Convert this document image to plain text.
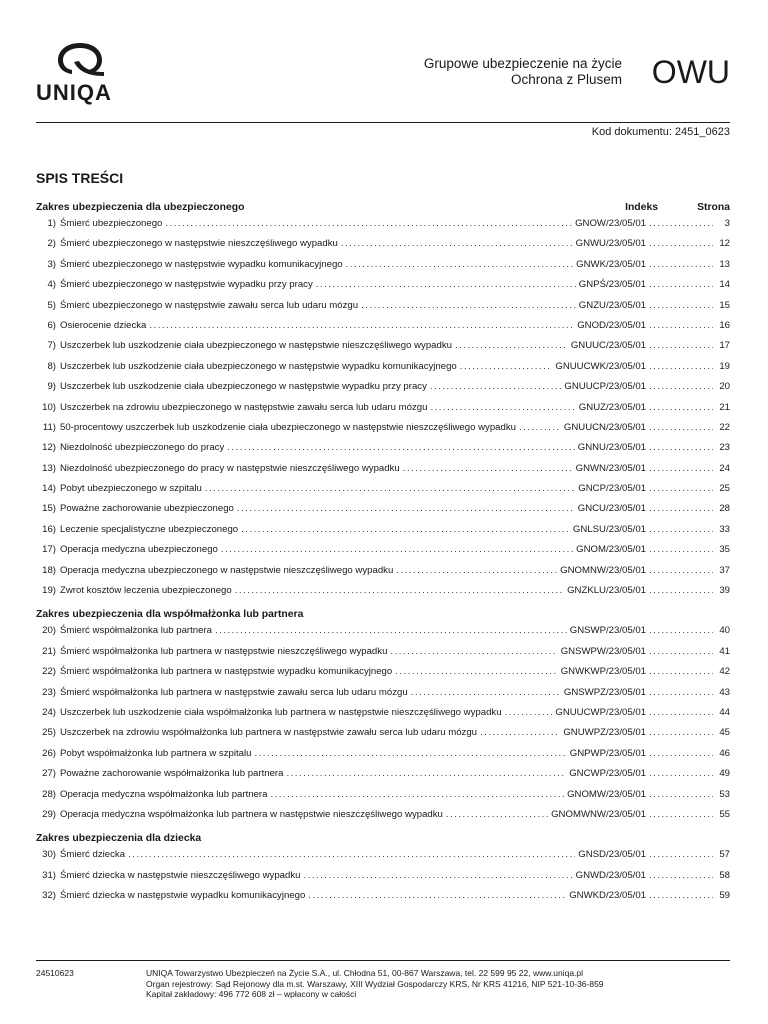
UNIQA
Grupowe ubezpieczenie na życie
Ochrona z Plusem OWU
Kod dokumentu: 2451_0623
SPIS TREŚCI
Zakres ubezpieczenia dla ubezpieczonego	Indeks	Strona
1) Śmierć ubezpieczonego .....	GNOW/23/05/01 .....	3
2) Śmierć ubezpieczonego w następstwie nieszczęśliwego wypadku .....	GNWU/23/05/01 .....	12
3) Śmierć ubezpieczonego w następstwie wypadku komunikacyjnego .....	GNWK/23/05/01 .....	13
4) Śmierć ubezpieczonego w następstwie wypadku przy pracy .....	GNPŚ/23/05/01 .....	14
5) Śmierć ubezpieczonego w następstwie zawału serca lub udaru mózgu .....	GNZU/23/05/01 .....	15
6) Osierocenie dziecka .....	GNOD/23/05/01 .....	16
7) Uszczerbek lub uszkodzenie ciała ubezpieczonego w następstwie nieszczęśliwego wypadku .....	GNUUC/23/05/01 .....	17
8) Uszczerbek lub uszkodzenie ciała ubezpieczonego w następstwie wypadku komunikacyjnego .....	GNUUCWK/23/05/01 .....	19
9) Uszczerbek lub uszkodzenie ciała ubezpieczonego w następstwie wypadku przy pracy .....	GNUUCP/23/05/01 .....	20
10) Uszczerbek na zdrowiu ubezpieczonego w następstwie zawału serca lub udaru mózgu .....	GNUZ/23/05/01 .....	21
11) 50-procentowy uszczerbek lub uszkodzenie ciała ubezpieczonego w następstwie nieszczęśliwego wypadku .....	GNUUCN/23/05/01 .....	22
12) Niezdolność ubezpieczonego do pracy .....	GNNU/23/05/01 .....	23
13) Niezdolność ubezpieczonego do pracy w następstwie nieszczęśliwego wypadku .....	GNWN/23/05/01 .....	24
14) Pobyt ubezpieczonego w szpitalu .....	GNCP/23/05/01 .....	25
15) Poważne zachorowanie ubezpieczonego .....	GNCU/23/05/01 .....	28
16) Leczenie specjalistyczne ubezpieczonego .....	GNLSU/23/05/01 .....	33
17) Operacja medyczna ubezpieczonego .....	GNOM/23/05/01 .....	35
18) Operacja medyczna ubezpieczonego w następstwie nieszczęśliwego wypadku .....	GNOMNW/23/05/01 .....	37
19) Zwrot kosztów leczenia ubezpieczonego .....	GNZKLU/23/05/01 .....	39
Zakres ubezpieczenia dla współmałżonka lub partnera
20) Śmierć współmałżonka lub partnera .....	GNSWP/23/05/01 .....	40
21) Śmierć współmałżonka lub partnera w następstwie nieszczęśliwego wypadku .....	GNSWPW/23/05/01 .....	41
22) Śmierć współmałżonka lub partnera w następstwie wypadku komunikacyjnego .....	GNWKWP/23/05/01 .....	42
23) Śmierć współmałżonka lub partnera w następstwie zawału serca lub udaru mózgu .....	GNSWPZ/23/05/01 .....	43
24) Uszczerbek lub uszkodzenie ciała współmałżonka lub partnera w następstwie nieszczęśliwego wypadku .....	GNUUCWP/23/05/01 .....	44
25) Uszczerbek na zdrowiu współmałżonka lub partnera w następstwie zawału serca lub udaru mózgu .....	GNUWPZ/23/05/01 .....	45
26) Pobyt współmałżonka lub partnera w szpitalu .....	GNPWP/23/05/01 .....	46
27) Poważne zachorowanie współmałżonka lub partnera .....	GNCWP/23/05/01 .....	49
28) Operacja medyczna współmałżonka lub partnera .....	GNOMW/23/05/01 .....	53
29) Operacja medyczna współmałżonka lub partnera w następstwie nieszczęśliwego wypadku .....	GNOMWNW/23/05/01 .....	55
Zakres ubezpieczenia dla dziecka
30) Śmierć dziecka .....	GNSD/23/05/01 .....	57
31) Śmierć dziecka w następstwie nieszczęśliwego wypadku .....	GNWD/23/05/01 .....	58
32) Śmierć dziecka w następstwie wypadku komunikacyjnego .....	GNWKD/23/05/01 .....	59
24510623	UNIQA Towarzystwo Ubezpieczeń na Życie S.A., ul. Chłodna 51, 00-867 Warszawa, tel. 22 599 95 22, www.uniqa.pl
Organ rejestrowy: Sąd Rejonowy dla m.st. Warszawy, XIII Wydział Gospodarczy KRS, Nr KRS 41216, NIP 521-10-36-859
Kapitał zakładowy: 496 772 608 zł – wpłacony w całości
